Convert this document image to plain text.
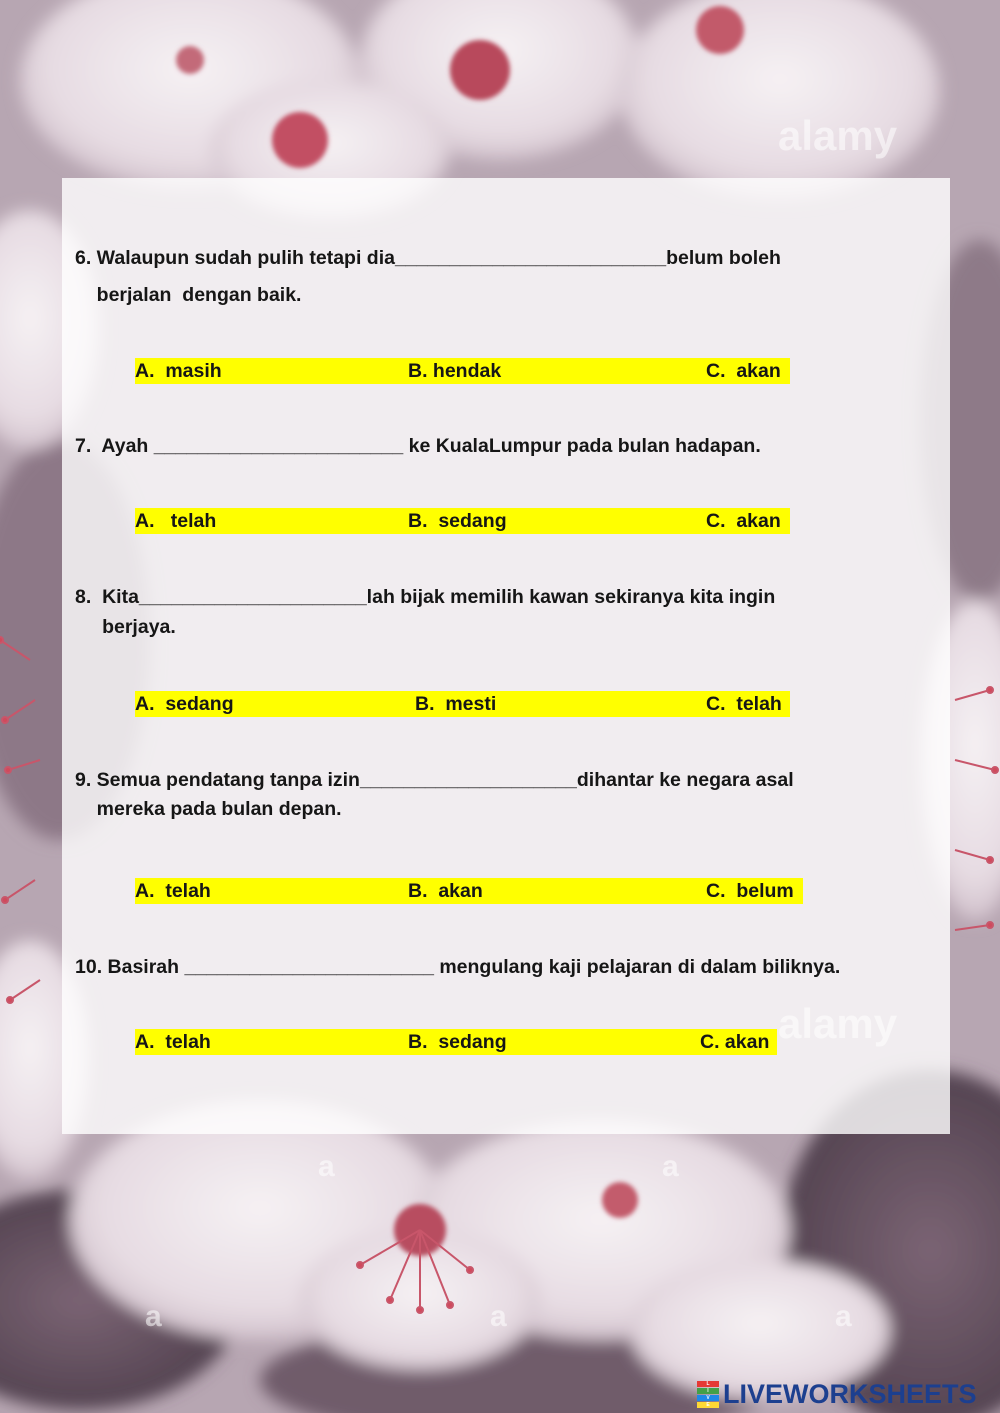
alamy
a	a
a	a	a
6. Walaupun sudah pulih tetapi dia_________________________belum boleh
berjalan  dengan baik.
A.  masih	B. hendak	C.  akan
7.  Ayah _______________________ ke KualaLumpur pada bulan hadapan.
A.   telah	B.  sedang	C.  akan
8.  Kita_____________________lah bijak memilih kawan sekiranya kita ingin
berjaya.
A.  sedang	B.  mesti	C.  telah
9. Semua pendatang tanpa izin____________________dihantar ke negara asal
mereka pada bulan depan.
A.  telah	B.  akan	C.  belum
10. Basirah _______________________ mengulang kaji pelajaran di dalam biliknya.
A.  telah	B.  sedang	C. akan
L
I
V
E LIVEWORKSHEETS
